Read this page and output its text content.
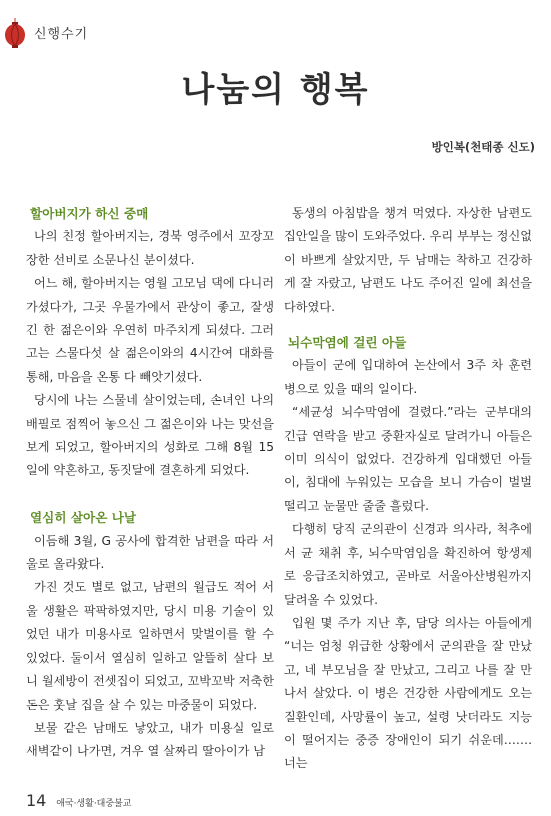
신행수기
나눔의 행복
방인복(천태종 신도)
할아버지가 하신 중매

나의 친정 할아버지는, 경북 영주에서 꼬장꼬장한 선비로 소문나신 분이셨다.

어느 해, 할아버지는 영월 고모님 댁에 다니러 가셨다가, 그곳 우물가에서 관상이 좋고, 잘생긴 한 젊은이와 우연히 마주치게 되셨다. 그러고는 스물다섯 살 젊은이와의 4시간여 대화를 통해, 마음을 온통 다 빼앗기셨다.

당시에 나는 스물네 살이었는데, 손녀인 나의 배필로 점찍어 놓으신 그 젊은이와 나는 맞선을 보게 되었고, 할아버지의 성화로 그해 8월 15일에 약혼하고, 동짓달에 결혼하게 되었다.

열심히 살아온 나날

이듬해 3월, G 공사에 합격한 남편을 따라 서울로 올라왔다.

가진 것도 별로 없고, 남편의 월급도 적어 서울 생활은 팍팍하였지만, 당시 미용 기술이 있었던 내가 미용사로 일하면서 맞벌이를 할 수 있었다. 둘이서 열심히 일하고 알뜰히 살다 보니 월세방이 전셋집이 되었고, 꼬박꼬박 저축한 돈은 훗날 집을 살 수 있는 마중물이 되었다.

보물 같은 남매도 낳았고, 내가 미용실 일로 새벽같이 나가면, 겨우 열 살짜리 딸아이가 남

동생의 아침밥을 챙겨 먹였다. 자상한 남편도 집안일을 많이 도와주었다. 우리 부부는 정신없이 바쁘게 살았지만, 두 남매는 착하고 건강하게 잘 자랐고, 남편도 나도 주어진 일에 최선을 다하였다.

뇌수막염에 걸린 아들

아들이 군에 입대하여 논산에서 3주 차 훈련병으로 있을 때의 일이다.

“세균성 뇌수막염에 걸렸다.”라는 군부대의 긴급 연락을 받고 중환자실로 달려가니 아들은 이미 의식이 없었다. 건강하게 입대했던 아들이, 침대에 누워있는 모습을 보니 가슴이 벌벌 떨리고 눈물만 줄줄 흘렀다.

다행히 당직 군의관이 신경과 의사라, 척추에서 균 채취 후, 뇌수막염임을 확진하여 항생제로 응급조치하였고, 곧바로 서울아산병원까지 달려올 수 있었다.

입원 몇 주가 지난 후, 담당 의사는 아들에게 “너는 엄청 위급한 상황에서 군의관을 잘 만났고, 네 부모님을 잘 만났고, 그리고 나를 잘 만나서 살았다. 이 병은 건강한 사람에게도 오는 질환인데, 사망률이 높고, 설령 낫더라도 지능이 떨어지는 중증 장애인이 되기 쉬운데……. 너는

14 애국·생활·대중불교
